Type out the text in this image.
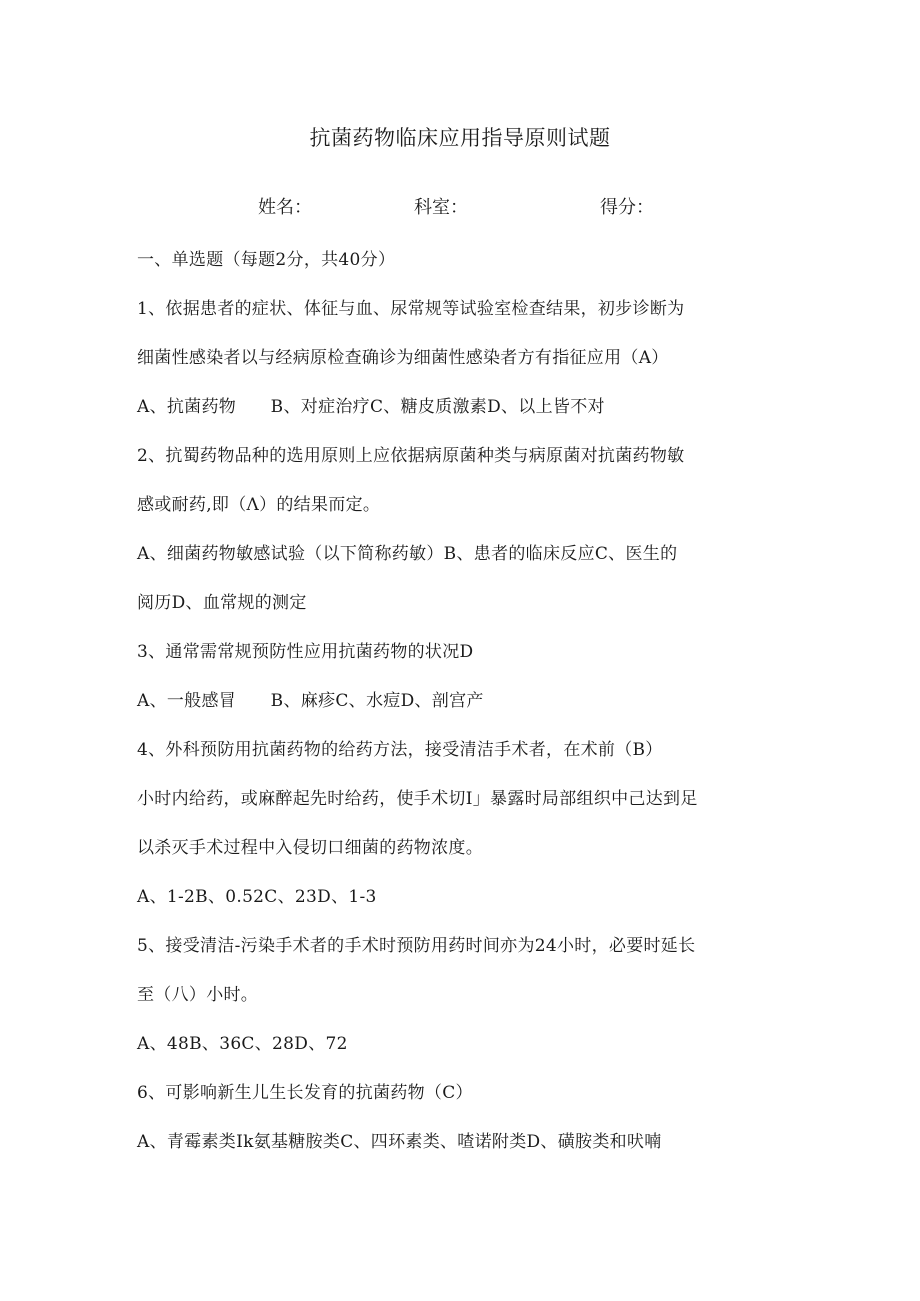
抗菌药物临床应用指导原则试题
姓名：	科室：	得分：
一、单选题（每题2分，共40分）
1、依据患者的症状、体征与血、尿常规等试验室检查结果，初步诊断为
细菌性感染者以与经病原检查确诊为细菌性感染者方有指征应用（A）
A、抗菌药物　　B、对症治疗C、糖皮质激素D、以上皆不对
2、抗蜀药物品种的选用原则上应依据病原菌种类与病原菌对抗菌药物敏
感或耐药,即（Λ）的结果而定。
A、细菌药物敏感试验（以下简称药敏）B、患者的临床反应C、医生的
阅历D、血常规的测定
3、通常需常规预防性应用抗菌药物的状况D
A、一般感冒　　B、麻疹C、水痘D、剖宫产
4、外科预防用抗菌药物的给药方法，接受清洁手术者，在术前（B）
小时内给药，或麻醉起先时给药，使手术切I」暴露时局部组织中己达到足
以杀灭手术过程中入侵切口细菌的药物浓度。
A、1-2B、0.52C、23D、1-3
5、接受清洁-污染手术者的手术时预防用药时间亦为24小时，必要时延长
至（八）小时。
A、48B、36C、28D、72
6、可影响新生儿生长发育的抗菌药物（C）
A、青霉素类Ik氨基糖胺类C、四环素类、喳诺附类D、磺胺类和吠喃
